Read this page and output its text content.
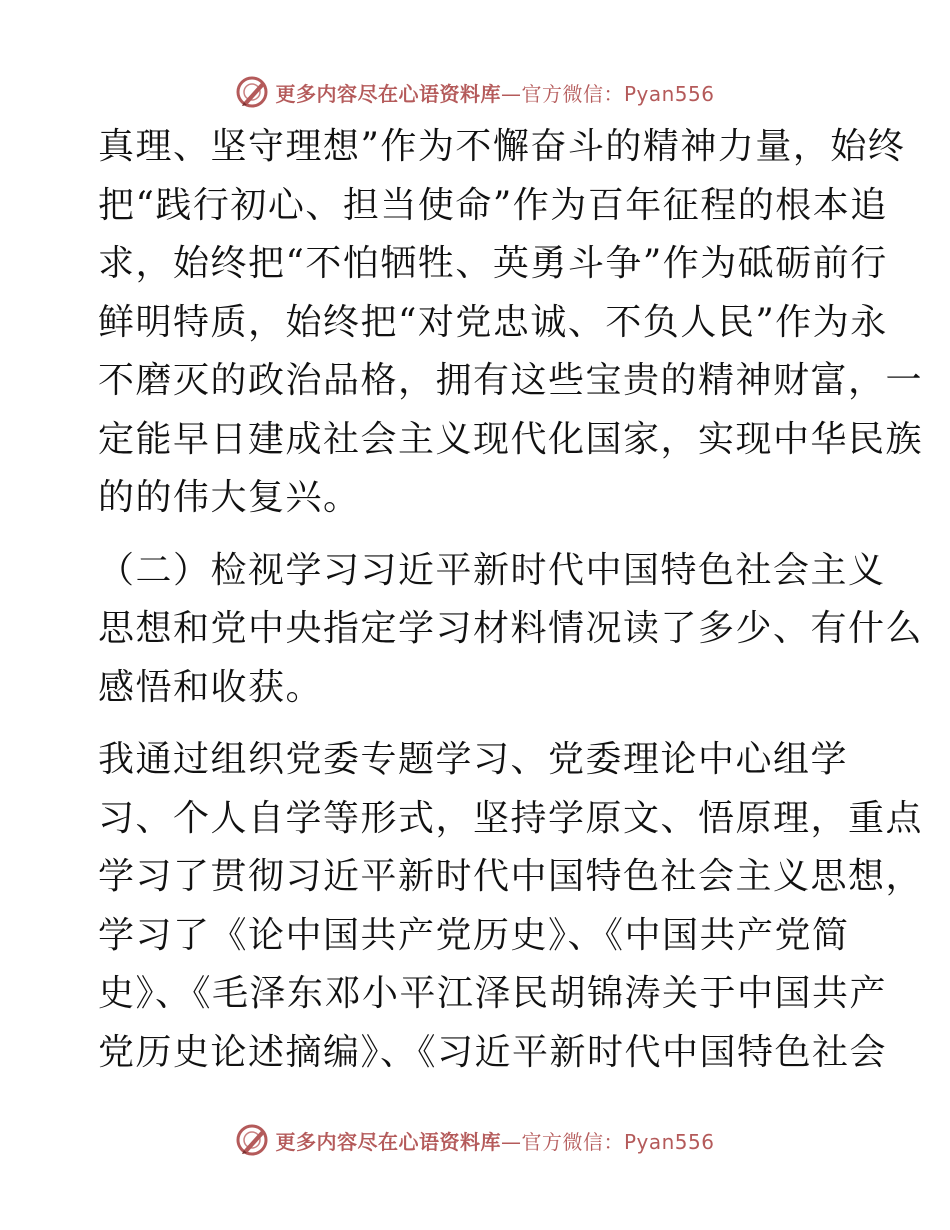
更多内容尽在心语资料库—官方微信：Pyan556
真理、坚守理想”作为不懈奋斗的精神力量，始终
把“践行初心、担当使命”作为百年征程的根本追
求，始终把“不怕牺牲、英勇斗争”作为砥砺前行
鲜明特质，始终把“对党忠诚、不负人民”作为永
不磨灭的政治品格，拥有这些宝贵的精神财富，一
定能早日建成社会主义现代化国家，实现中华民族
的的伟大复兴。
（二）检视学习习近平新时代中国特色社会主义
思想和党中央指定学习材料情况读了多少、有什么
感悟和收获。
我通过组织党委专题学习、党委理论中心组学
习、个人自学等形式，坚持学原文、悟原理，重点
学习了贯彻习近平新时代中国特色社会主义思想，
学习了《论中国共产党历史》、《中国共产党简
史》、《毛泽东邓小平江泽民胡锦涛关于中国共产
党历史论述摘编》、《习近平新时代中国特色社会
更多内容尽在心语资料库—官方微信：Pyan556
